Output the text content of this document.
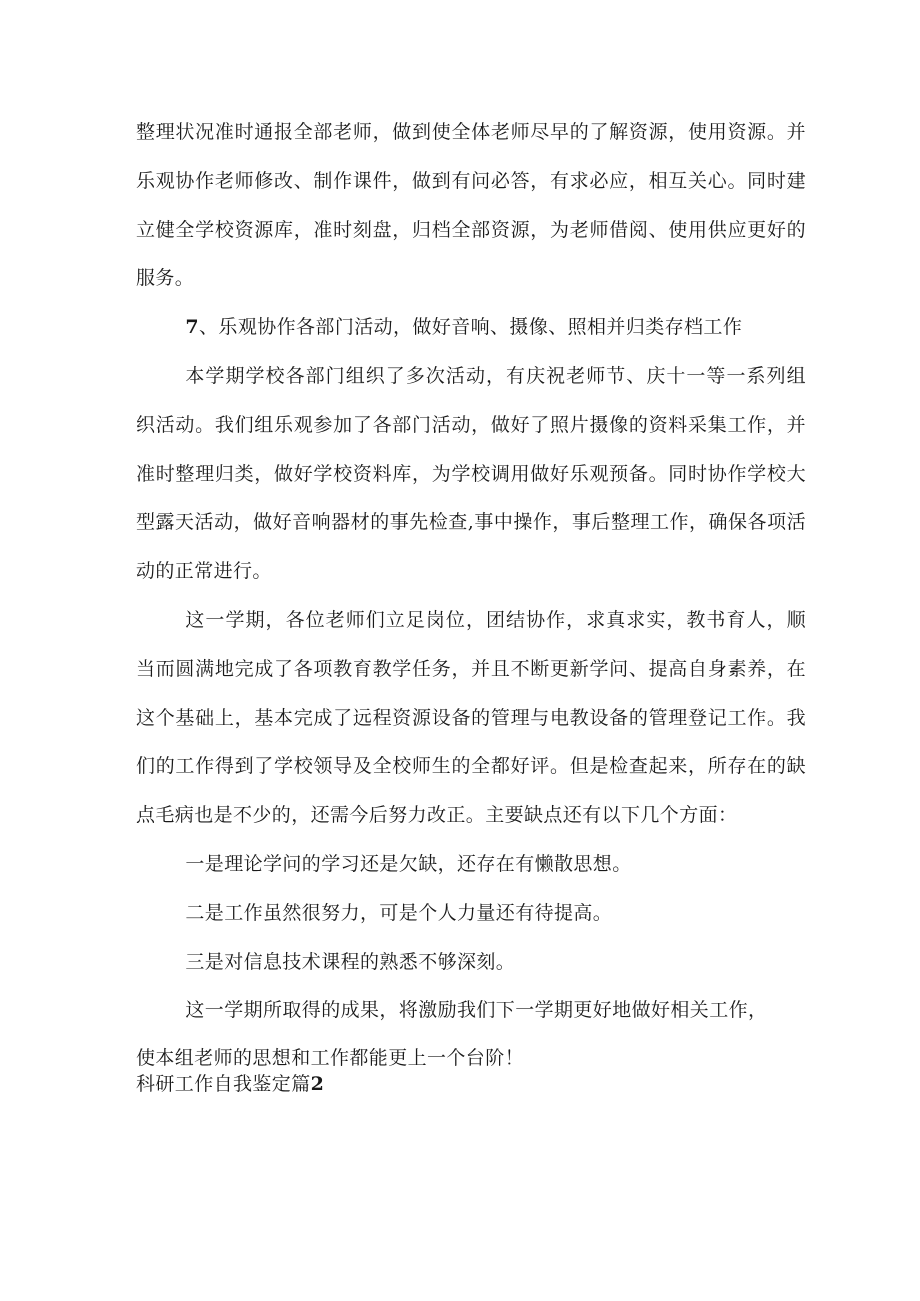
整理状况准时通报全部老师，做到使全体老师尽早的了解资源，使用资源。并乐观协作老师修改、制作课件，做到有问必答，有求必应，相互关心。同时建立健全学校资源库，准时刻盘，归档全部资源，为老师借阅、使用供应更好的服务。

7、乐观协作各部门活动，做好音响、摄像、照相并归类存档工作

本学期学校各部门组织了多次活动，有庆祝老师节、庆十一等一系列组织活动。我们组乐观参加了各部门活动，做好了照片摄像的资料采集工作，并准时整理归类，做好学校资料库，为学校调用做好乐观预备。同时协作学校大型露天活动，做好音响器材的事先检查,事中操作，事后整理工作，确保各项活动的正常进行。

这一学期，各位老师们立足岗位，团结协作，求真求实，教书育人，顺当而圆满地完成了各项教育教学任务，并且不断更新学问、提高自身素养，在这个基础上，基本完成了远程资源设备的管理与电教设备的管理登记工作。我们的工作得到了学校领导及全校师生的全都好评。但是检查起来，所存在的缺点毛病也是不少的，还需今后努力改正。主要缺点还有以下几个方面：

一是理论学问的学习还是欠缺，还存在有懒散思想。

二是工作虽然很努力，可是个人力量还有待提高。

三是对信息技术课程的熟悉不够深刻。

这一学期所取得的成果，将激励我们下一学期更好地做好相关工作，

使本组老师的思想和工作都能更上一个台阶！

科研工作自我鉴定篇2
